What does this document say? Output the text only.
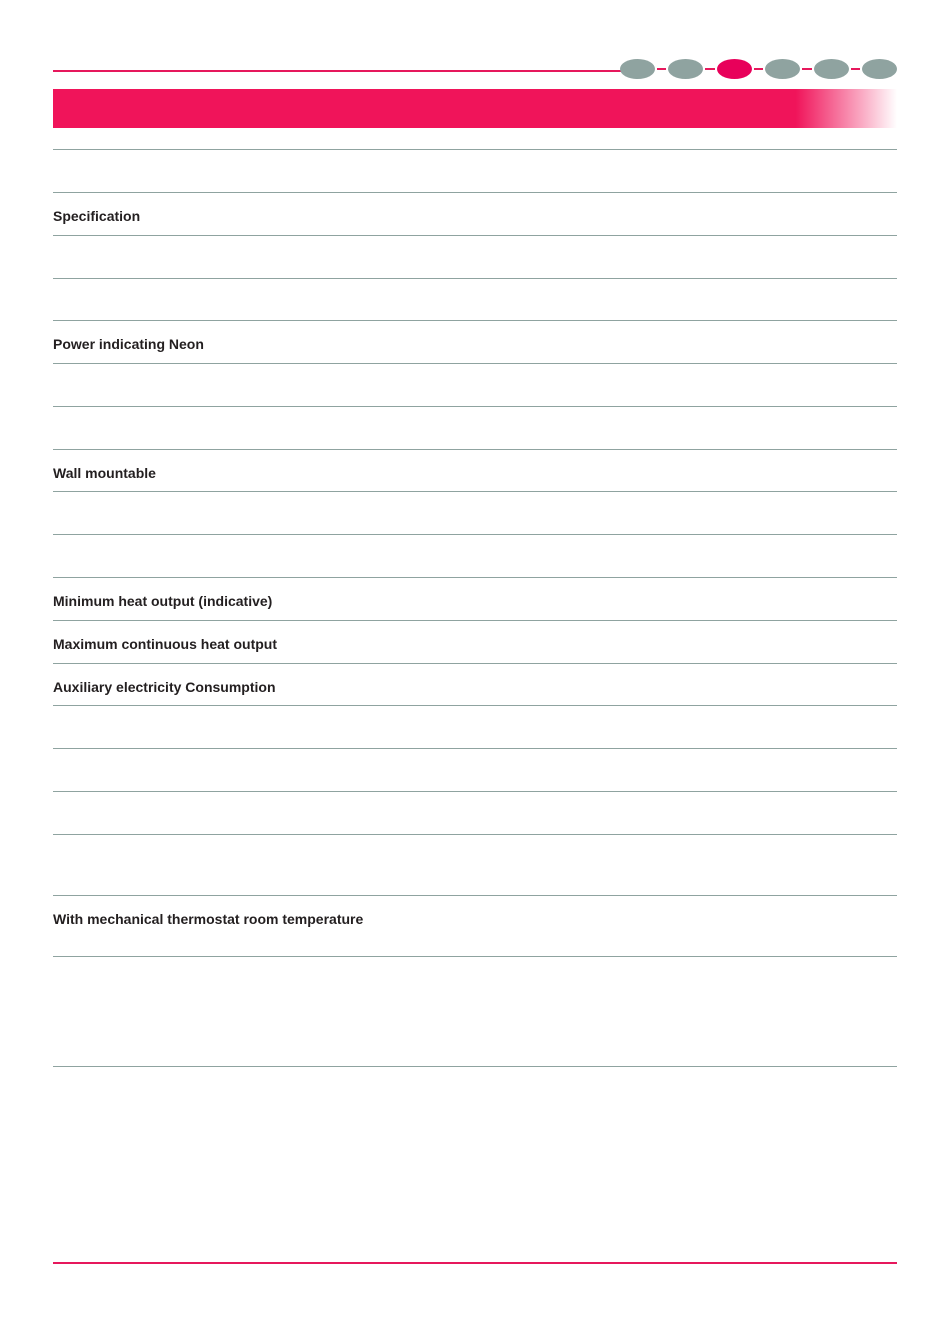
Specification
Power indicating Neon
Wall mountable
Minimum heat output (indicative)
Maximum continuous heat output
Auxiliary electricity Consumption
With mechanical thermostat room temperature
